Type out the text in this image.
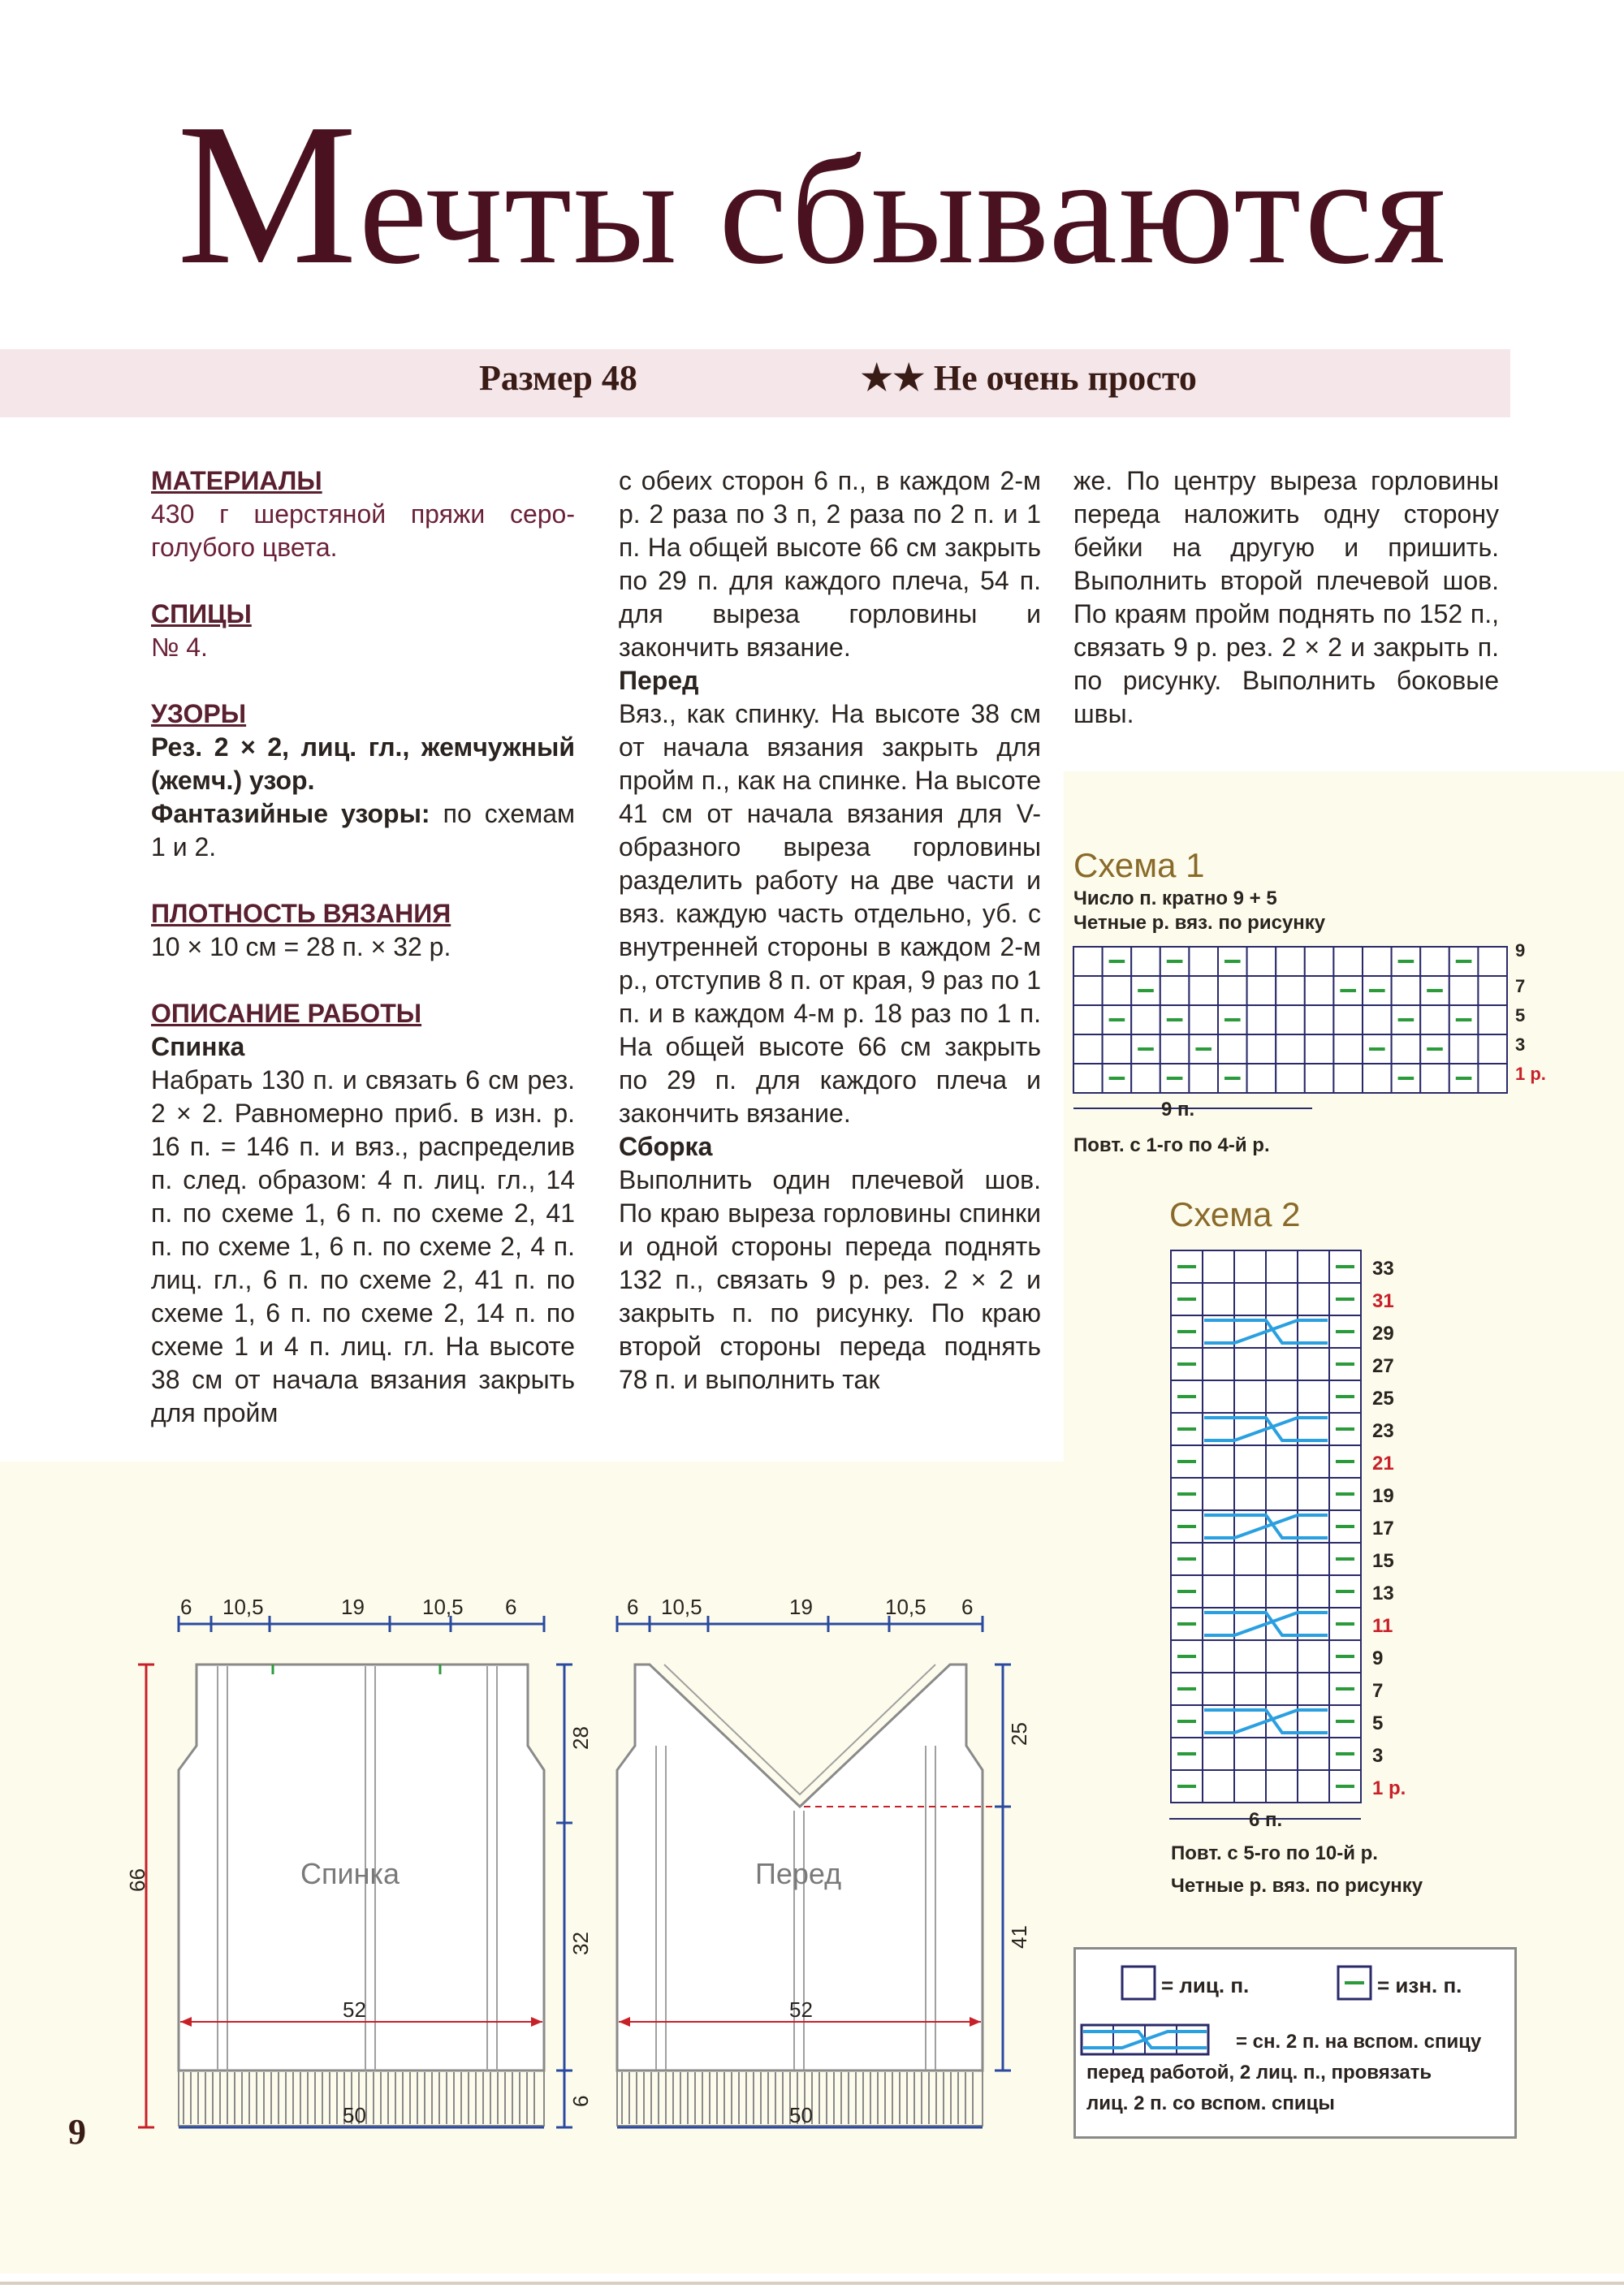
Мечты сбываются
Размер 48	★★ Не очень просто

МАТЕРИАЛЫ

430 г шерстяной пряжи серо-голубого цвета.

СПИЦЫ

№ 4.

УЗОРЫ

Рез. 2 × 2, лиц. гл., жемчужный (жемч.) узор.

Фантазийные узоры: по схемам 1 и 2.

ПЛОТНОСТЬ ВЯЗАНИЯ

10 × 10 см = 28 п. × 32 р.

ОПИСАНИЕ РАБОТЫ

Спинка

Набрать 130 п. и связать 6 см рез. 2 × 2. Равномерно приб. в изн. р. 16 п. = 146 п. и вяз., распределив п. след. образом: 4 п. лиц. гл., 14 п. по схеме 1, 6 п. по схеме 2, 41 п. по схеме 1, 6 п. по схеме 2, 4 п. лиц. гл., 6 п. по схеме 2, 41 п. по схеме 1, 6 п. по схеме 2, 14 п. по схеме 1 и 4 п. лиц. гл. На высоте 38 см от начала вязания закрыть для пройм

с обеих сторон 6 п., в каждом 2-м р. 2 раза по 3 п, 2 раза по 2 п. и 1 п. На общей высоте 66 см закрыть по 29 п. для каждого плеча, 54 п. для выреза горловины и закончить вязание.

Перед

Вяз., как спинку. На высоте 38 см от начала вязания закрыть для пройм п., как на спинке. На высоте 41 см от начала вязания для V-образного выреза горловины разделить работу на две части и вяз. каждую часть отдельно, уб. с внутренней стороны в каждом 2-м р., отступив 8 п. от края, 9 раз по 1 п. и в каждом 4-м р. 18 раз по 1 п. На общей высоте 66 см закрыть по 29 п. для каждого плеча и закончить вязание.

Сборка

Выполнить один плечевой шов. По краю выреза горловины спинки и одной стороны переда поднять 132 п., связать 9 р. рез. 2 × 2 и закрыть п. по рисунку. По краю второй стороны переда поднять 78 п. и выполнить так

же. По центру выреза горловины переда наложить одну сторону бейки на другую и пришить. Выполнить второй плечевой шов. По краям пройм поднять по 152 п., связать 9 р. рез. 2 × 2 и закрыть п. по рисунку. Выполнить боковые швы.

Схема 1
Число п. кратно 9 + 5
Четные р. вяз. по рисунку
9
7
5
3
1 р.
9 п.
Повт. с 1-го по 4-й р.
Схема 2
33
31
29
27
25
23
21
19
17
15
13
11
9
7
5
3
1 р.
6 п.
Повт. с 5-го по 10-й р.
Четные р. вяз. по рисунку
= лиц. п.	= изн. п.
= сн. 2 п. на вспом. спицу
перед работой, 2 лиц. п., провязать
лиц. 2 п. со вспом. спицы
6 10,5	19	10,5 6
Спинка
52
66
28
32
6
50
6 10,5	19	10,5 6
Перед
52
25
41
50
9
